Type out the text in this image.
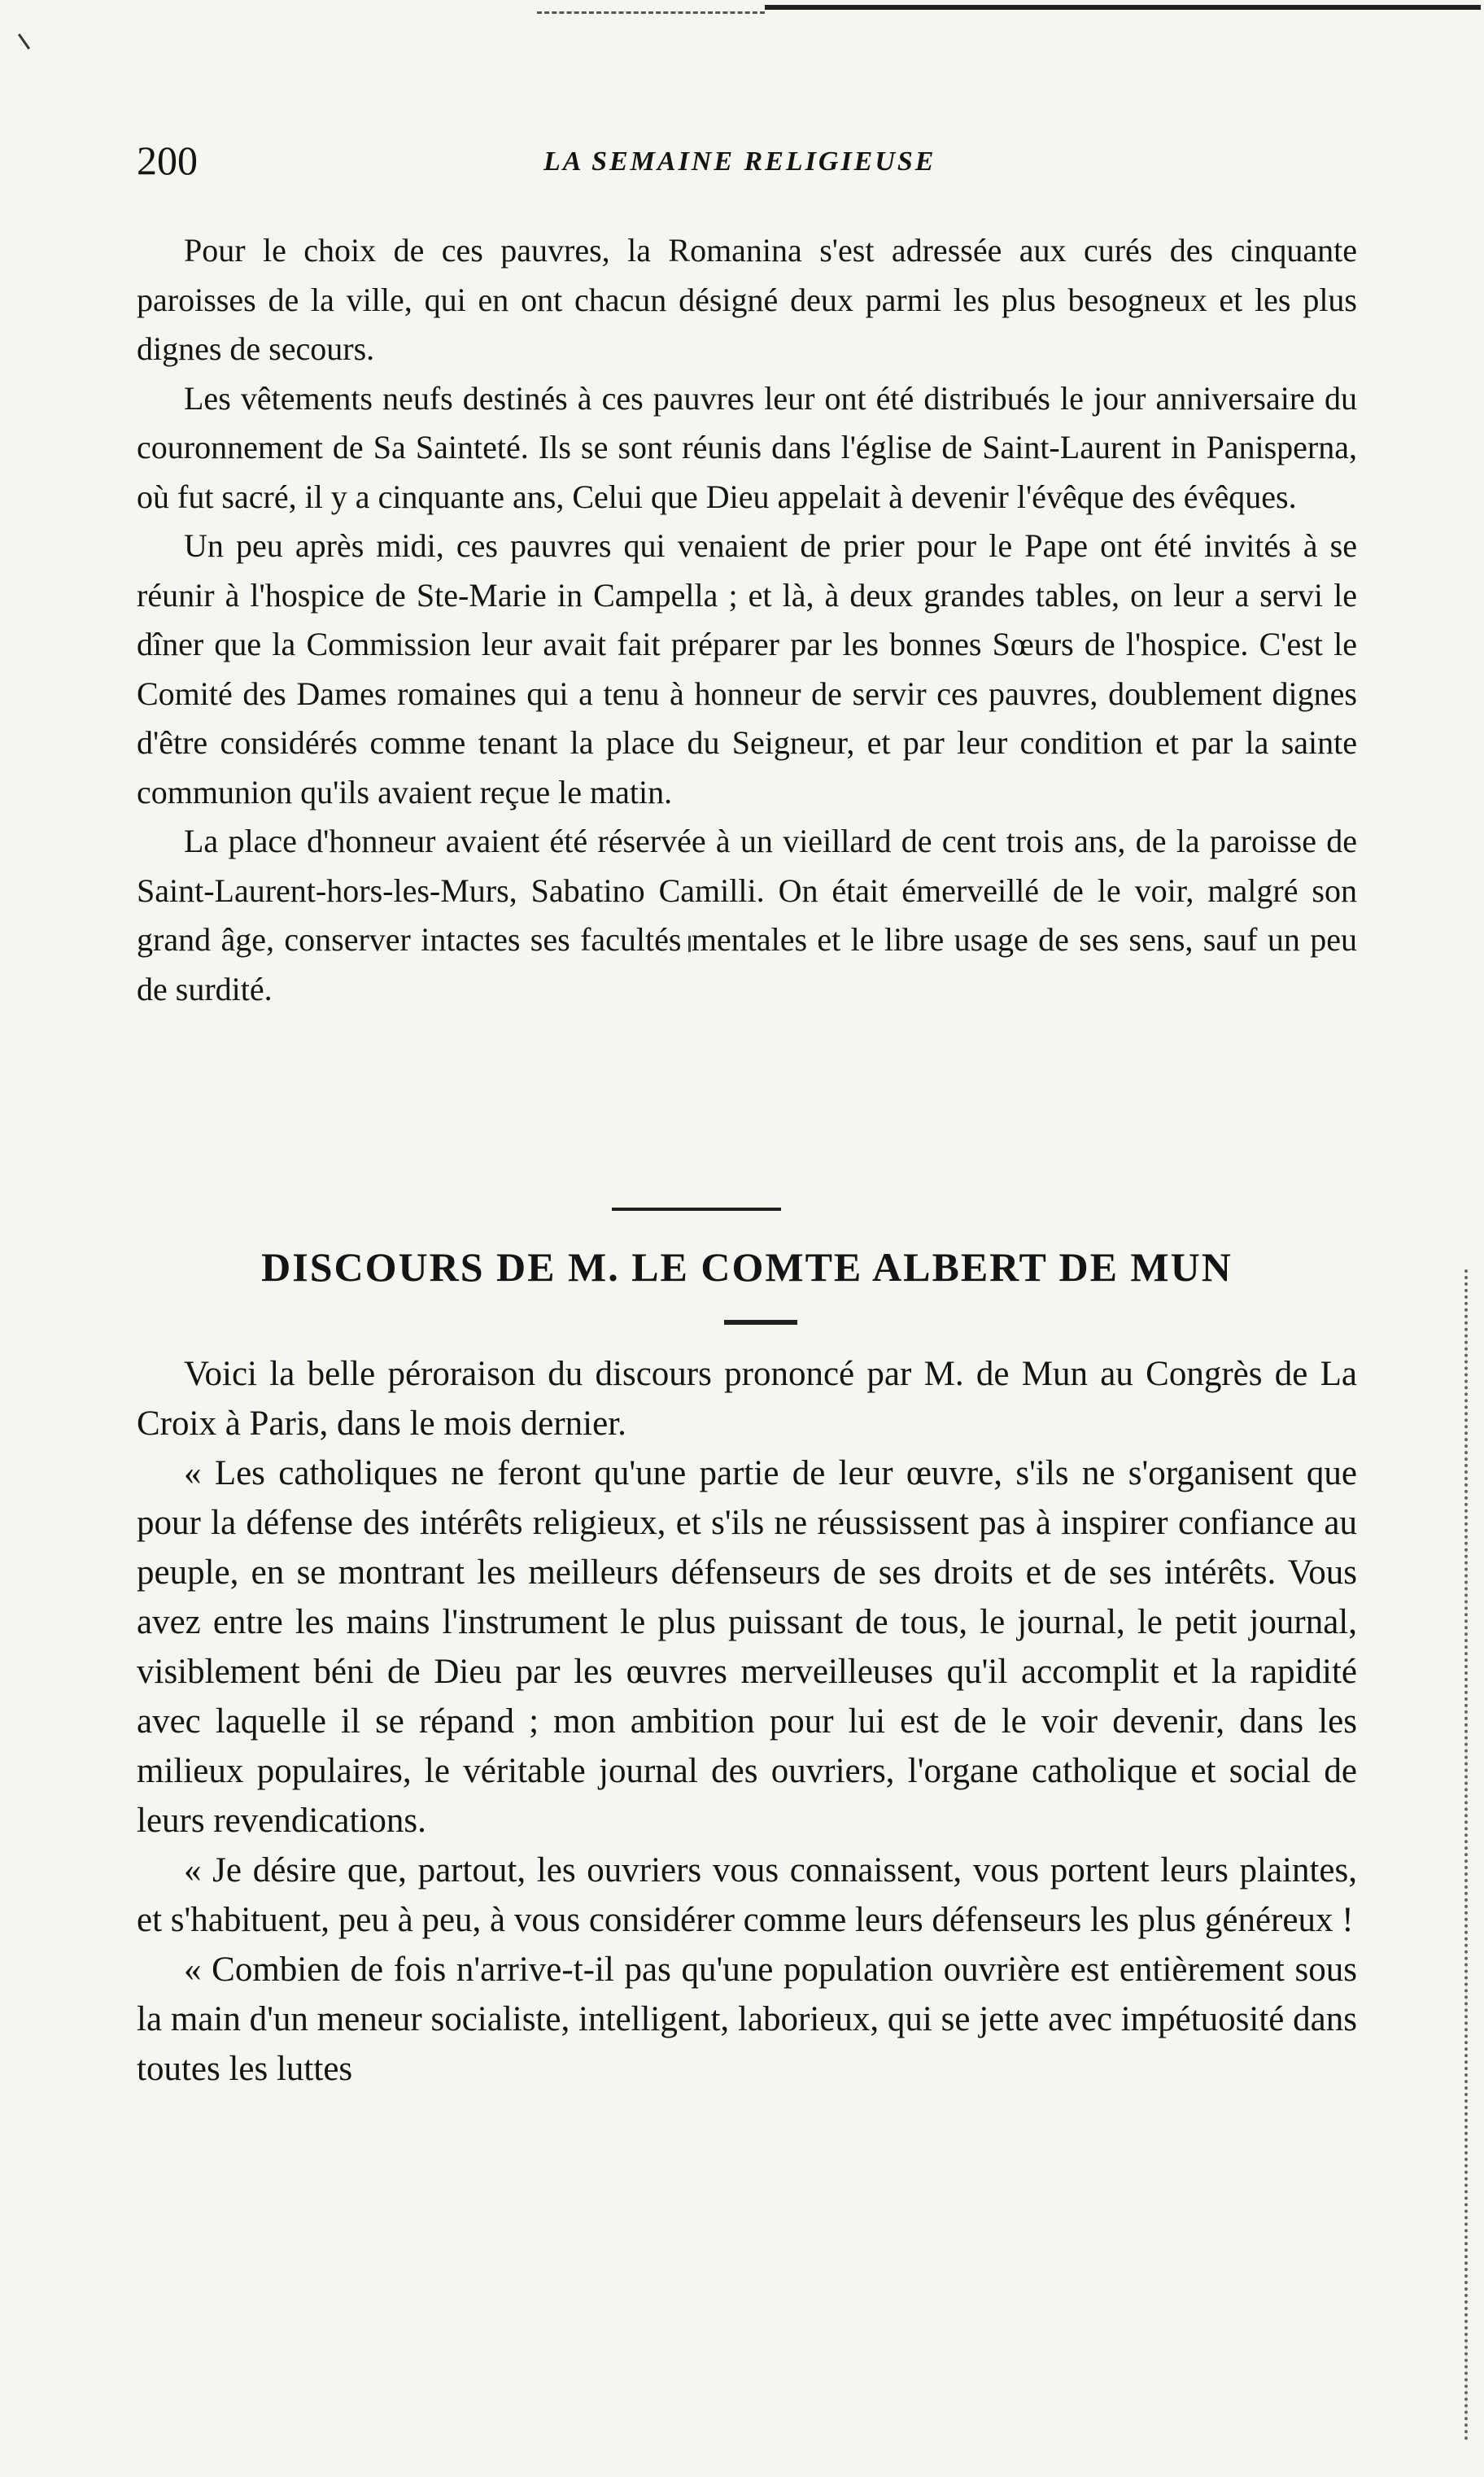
200	LA SEMAINE RELIGIEUSE

Pour le choix de ces pauvres, la Romanina s'est adressée aux curés des cinquante paroisses de la ville, qui en ont chacun désigné deux parmi les plus besogneux et les plus dignes de secours.

Les vêtements neufs destinés à ces pauvres leur ont été distribués le jour anniversaire du couronnement de Sa Sainteté. Ils se sont réunis dans l'église de Saint-Laurent in Panisperna, où fut sacré, il y a cinquante ans, Celui que Dieu appelait à devenir l'évêque des évêques.

Un peu après midi, ces pauvres qui venaient de prier pour le Pape ont été invités à se réunir à l'hospice de Ste-Marie in Campella ; et là, à deux grandes tables, on leur a servi le dîner que la Commission leur avait fait préparer par les bonnes Sœurs de l'hospice. C'est le Comité des Dames romaines qui a tenu à honneur de servir ces pauvres, doublement dignes d'être considérés comme tenant la place du Seigneur, et par leur condition et par la sainte communion qu'ils avaient reçue le matin.

La place d'honneur avaient été réservée à un vieillard de cent trois ans, de la paroisse de Saint-Laurent-hors-les-Murs, Sabatino Camilli. On était émerveillé de le voir, malgré son grand âge, conserver intactes ses facultés mentales et le libre usage de ses sens, sauf un peu de surdité.

DISCOURS DE M. LE COMTE ALBERT DE MUN

Voici la belle péroraison du discours prononcé par M. de Mun au Congrès de La Croix à Paris, dans le mois dernier.

« Les catholiques ne feront qu'une partie de leur œuvre, s'ils ne s'organisent que pour la défense des intérêts religieux, et s'ils ne réussissent pas à inspirer confiance au peuple, en se montrant les meilleurs défenseurs de ses droits et de ses intérêts. Vous avez entre les mains l'instrument le plus puissant de tous, le journal, le petit journal, visiblement béni de Dieu par les œuvres merveilleuses qu'il accomplit et la rapidité avec laquelle il se répand ; mon ambition pour lui est de le voir devenir, dans les milieux populaires, le véritable journal des ouvriers, l'organe catholique et social de leurs revendications.

« Je désire que, partout, les ouvriers vous connaissent, vous portent leurs plaintes, et s'habituent, peu à peu, à vous considérer comme leurs défenseurs les plus généreux !

« Combien de fois n'arrive-t-il pas qu'une population ouvrière est entièrement sous la main d'un meneur socialiste, intelligent, laborieux, qui se jette avec impétuosité dans toutes les luttes
